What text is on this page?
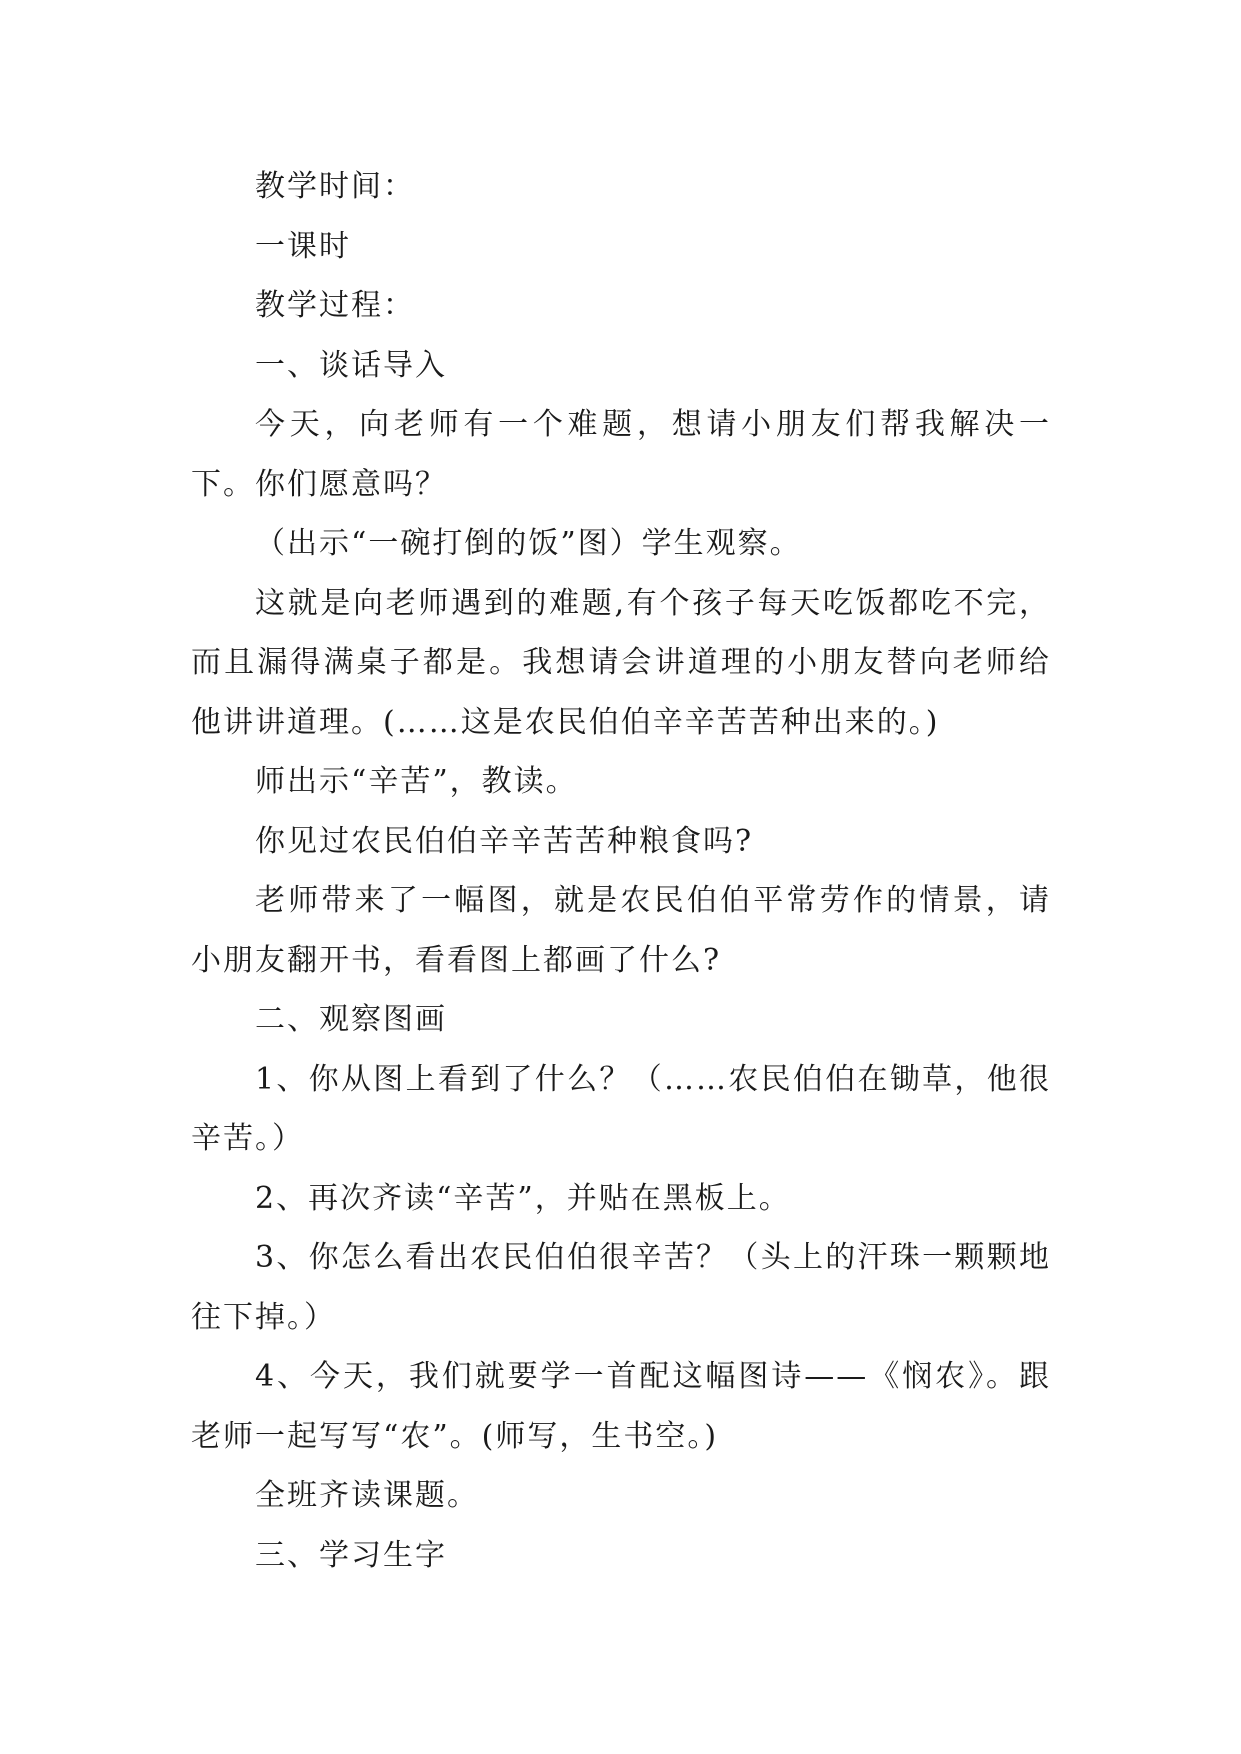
教学时间：

一课时

教学过程：

一、谈话导入

今天，向老师有一个难题，想请小朋友们帮我解决一下。你们愿意吗？

（出示“一碗打倒的饭”图）学生观察。

这就是向老师遇到的难题,有个孩子每天吃饭都吃不完，而且漏得满桌子都是。我想请会讲道理的小朋友替向老师给他讲讲道理。(……这是农民伯伯辛辛苦苦种出来的。)

师出示“辛苦”，教读。

你见过农民伯伯辛辛苦苦种粮食吗?

老师带来了一幅图，就是农民伯伯平常劳作的情景，请小朋友翻开书，看看图上都画了什么?

二、观察图画

1、你从图上看到了什么？（……农民伯伯在锄草，他很辛苦。）

2、再次齐读“辛苦”，并贴在黑板上。

3、你怎么看出农民伯伯很辛苦？（头上的汗珠一颗颗地往下掉。）

4、今天，我们就要学一首配这幅图诗——《悯农》。跟老师一起写写“农”。(师写，生书空。)

全班齐读课题。

三、学习生字
